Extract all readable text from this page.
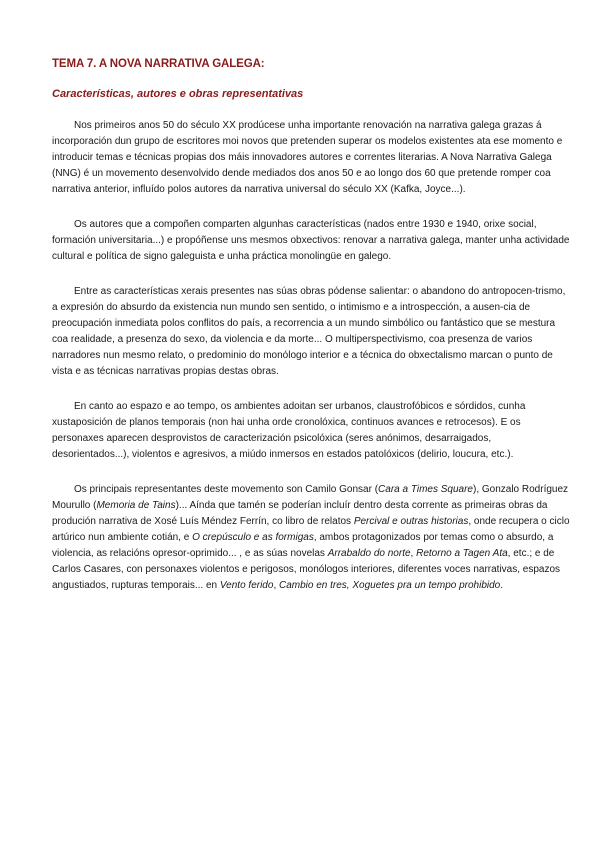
TEMA 7. A NOVA NARRATIVA GALEGA:
Características, autores e obras representativas

Nos primeiros anos 50 do século XX prodúcese unha importante renovación na narrativa galega grazas á incorporación dun grupo de escritores moi novos que pretenden superar os modelos existentes ata ese momento e introducir temas e técnicas propias dos máis innovadores autores e correntes literarias. A Nova Narrativa Galega (NNG) é un movemento desenvolvido dende mediados dos anos 50 e ao longo dos 60 que pretende romper coa narrativa anterior, influído polos autores da narrativa universal do século XX (Kafka, Joyce...).

Os autores que a compoñen comparten algunhas características (nados entre 1930 e 1940, orixe social, formación universitaria...) e propóñense uns mesmos obxectivos: renovar a narrativa galega, manter unha actividade cultural e política de signo galeguista e unha práctica monolingüe en galego.

Entre as características xerais presentes nas súas obras pódense salientar: o abandono do antropocen-trismo, a expresión do absurdo da existencia nun mundo sen sentido, o intimismo e a introspección, a ausen-cia de preocupación inmediata polos conflitos do país, a recorrencia a un mundo simbólico ou fantástico que se mestura coa realidade, a presenza do sexo, da violencia e da morte... O multiperspectivismo, coa presenza de varios narradores nun mesmo relato, o predominio do monólogo interior e a técnica do obxectalismo marcan o punto de vista e as técnicas narrativas propias destas obras.

En canto ao espazo e ao tempo, os ambientes adoitan ser urbanos, claustrofóbicos e sórdidos, cunha xustaposición de planos temporais (non hai unha orde cronolóxica, continuos avances e retrocesos). E os personaxes aparecen desprovistos de caracterización psicolóxica (seres anónimos, desarraigados, desorientados...), violentos e agresivos, a miúdo inmersos en estados patolóxicos (delirio, loucura, etc.).

Os principais representantes deste movemento son Camilo Gonsar (Cara a Times Square), Gonzalo Rodríguez Mourullo (Memoria de Tains)... Aínda que tamén se poderían incluír dentro desta corrente as primeiras obras da produción narrativa de Xosé Luís Méndez Ferrín, co libro de relatos Percival e outras historias, onde recupera o ciclo artúrico nun ambiente cotián, e O crepúsculo e as formigas, ambos protagonizados por temas como o absurdo, a violencia, as relacións opresor-oprimido... , e as súas novelas Arrabaldo do norte, Retorno a Tagen Ata, etc.; e de Carlos Casares, con personaxes violentos e perigosos, monólogos interiores, diferentes voces narrativas, espazos angustiados, rupturas temporais... en Vento ferido, Cambio en tres, Xoguetes pra un tempo prohibido.
